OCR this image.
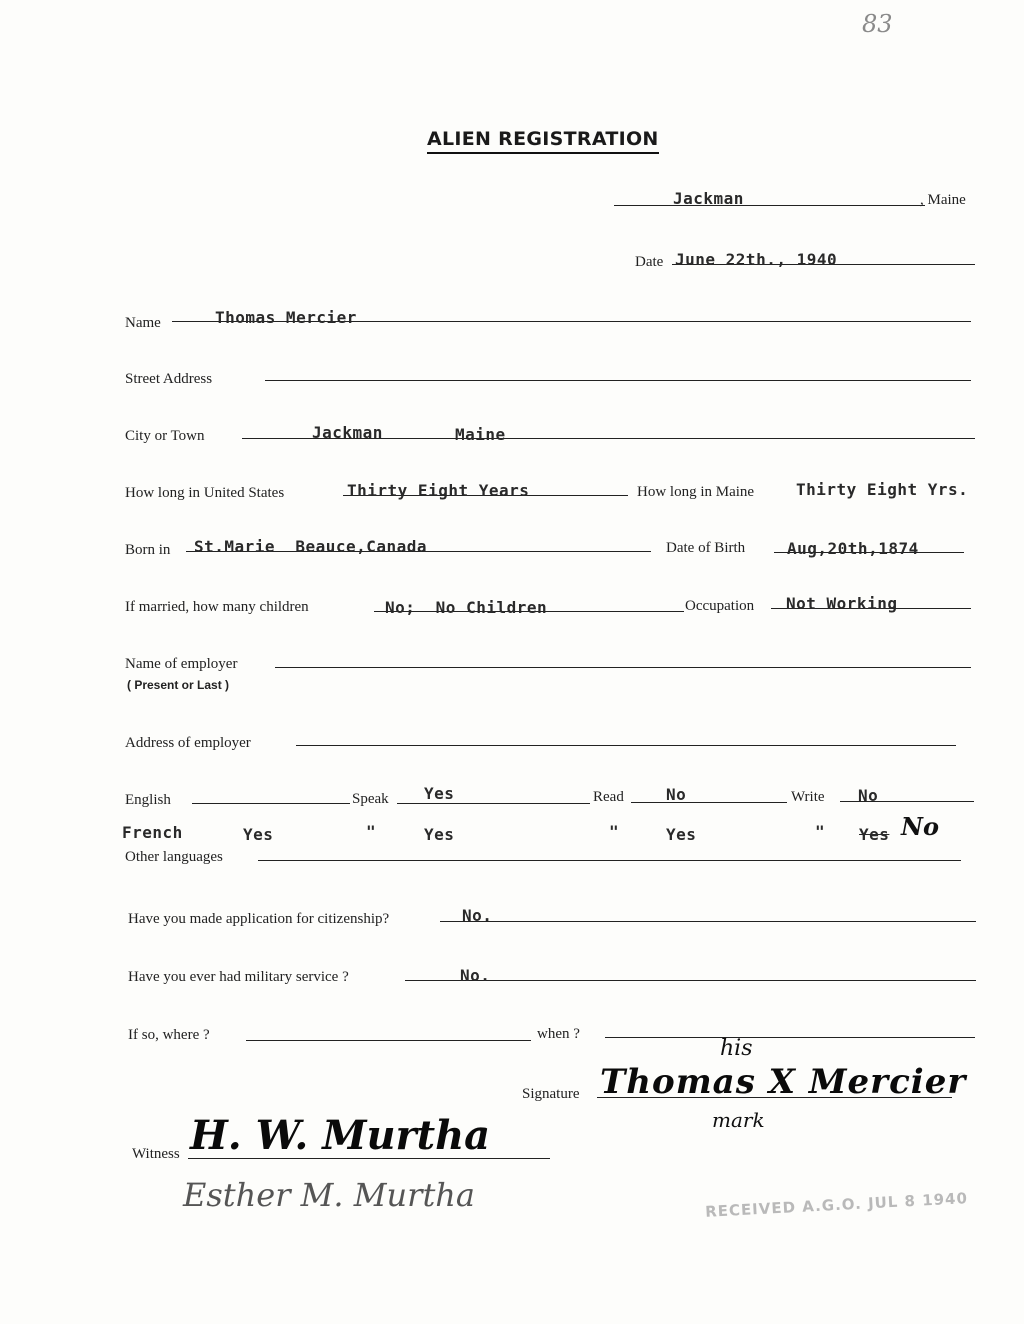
83
ALIEN REGISTRATION
Jackman	, Maine
Date June 22th., 1940
Name	Thomas Mercier
Street Address
City or Town	Jackman	Maine
How long in United States	Thirty Eight Years	How long in Maine	Thirty Eight Yrs.
Born in St.Marie  Beauce,Canada	Date of Birth	Aug,20th,1874
If married, how many children	No;  No Children	Occupation Not Working
Name of employer
( Present or Last )
Address of employer
English	Speak Yes	Read	No	Write No
French	Yes	"	Yes	"	Yes	" Yes No
Other languages
Have you made application for citizenship?	No.
Have you ever had military service ?	No.
If so, where ?	when ?
Signature
his
Thomas X Mercier
mark
Witness H. W. Murtha
Esther M. Murtha	RECEIVED A.G.O. JUL 8 1940
